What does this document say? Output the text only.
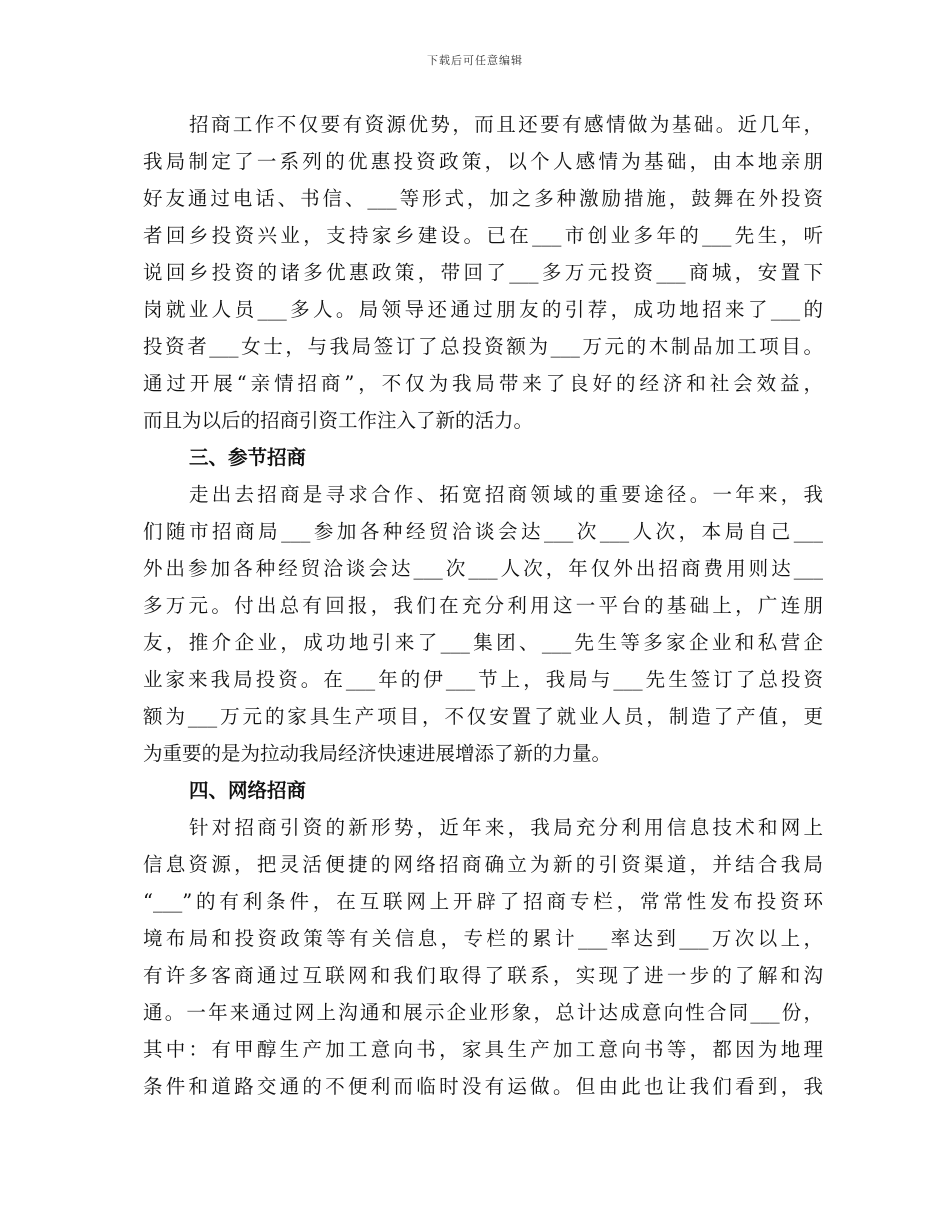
下载后可任意编辑
招商工作不仅要有资源优势，而且还要有感情做为基础。近几年，
我局制定了一系列的优惠投资政策，以个人感情为基础，由本地亲朋
好友通过电话、书信、___等形式，加之多种激励措施，鼓舞在外投资
者回乡投资兴业，支持家乡建设。已在___市创业多年的___先生，听
说回乡投资的诸多优惠政策，带回了___多万元投资___商城，安置下
岗就业人员___多人。局领导还通过朋友的引荐，成功地招来了___的
投资者___女士，与我局签订了总投资额为___万元的木制品加工项目。
通过开展“亲情招商”，不仅为我局带来了良好的经济和社会效益，
而且为以后的招商引资工作注入了新的活力。
三、参节招商
走出去招商是寻求合作、拓宽招商领域的重要途径。一年来，我
们随市招商局___参加各种经贸洽谈会达___次___人次，本局自己___
外出参加各种经贸洽谈会达___次___人次，年仅外出招商费用则达___
多万元。付出总有回报，我们在充分利用这一平台的基础上，广连朋
友，推介企业，成功地引来了___集团、___先生等多家企业和私营企
业家来我局投资。在___年的伊___节上，我局与___先生签订了总投资
额为___万元的家具生产项目，不仅安置了就业人员，制造了产值，更
为重要的是为拉动我局经济快速进展增添了新的力量。
四、网络招商
针对招商引资的新形势，近年来，我局充分利用信息技术和网上
信息资源，把灵活便捷的网络招商确立为新的引资渠道，并结合我局
“___”的有利条件，在互联网上开辟了招商专栏，常常性发布投资环
境布局和投资政策等有关信息，专栏的累计___率达到___万次以上，
有许多客商通过互联网和我们取得了联系，实现了进一步的了解和沟
通。一年来通过网上沟通和展示企业形象，总计达成意向性合同___份，
其中：有甲醇生产加工意向书，家具生产加工意向书等，都因为地理
条件和道路交通的不便利而临时没有运做。但由此也让我们看到，我
